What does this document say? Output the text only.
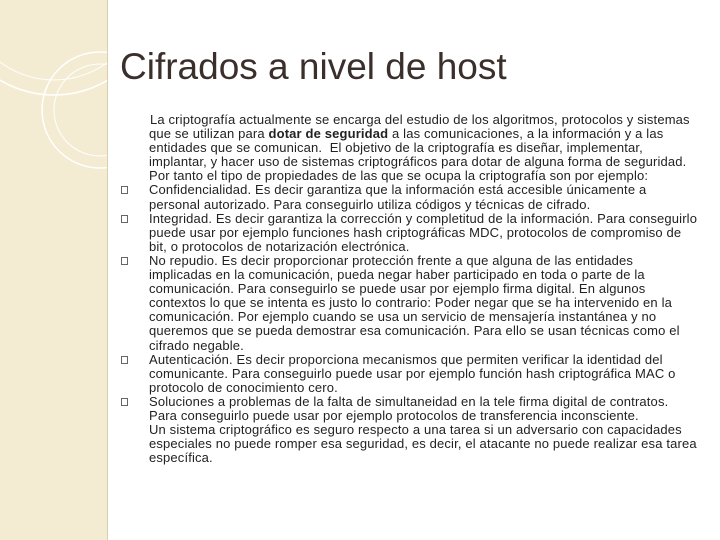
Cifrados a nivel de host

La criptografía actualmente se encarga del estudio de los algoritmos, protocolos y sistemas que se utilizan para dotar de seguridad a las comunicaciones, a la información y a las entidades que se comunican.  El objetivo de la criptografía es diseñar, implementar, implantar, y hacer uso de sistemas criptográficos para dotar de alguna forma de seguridad. Por tanto el tipo de propiedades de las que se ocupa la criptografía son por ejemplo:

Confidencialidad. Es decir garantiza que la información está accesible únicamente a personal autorizado. Para conseguirlo utiliza códigos y técnicas de cifrado.

Integridad. Es decir garantiza la corrección y completitud de la información. Para conseguirlo puede usar por ejemplo funciones hash criptográficas MDC, protocolos de compromiso de bit, o protocolos de notarización electrónica.

No repudio. Es decir proporcionar protección frente a que alguna de las entidades implicadas en la comunicación, pueda negar haber participado en toda o parte de la comunicación. Para conseguirlo se puede usar por ejemplo firma digital. En algunos contextos lo que se intenta es justo lo contrario: Poder negar que se ha intervenido en la comunicación. Por ejemplo cuando se usa un servicio de mensajería instantánea y no queremos que se pueda demostrar esa comunicación. Para ello se usan técnicas como el cifrado negable.

Autenticación. Es decir proporciona mecanismos que permiten verificar la identidad del comunicante. Para conseguirlo puede usar por ejemplo función hash criptográfica MAC o protocolo de conocimiento cero.

Soluciones a problemas de la falta de simultaneidad en la tele firma digital de contratos. Para conseguirlo puede usar por ejemplo protocolos de transferencia inconsciente.

Un sistema criptográfico es seguro respecto a una tarea si un adversario con capacidades especiales no puede romper esa seguridad, es decir, el atacante no puede realizar esa tarea específica.
